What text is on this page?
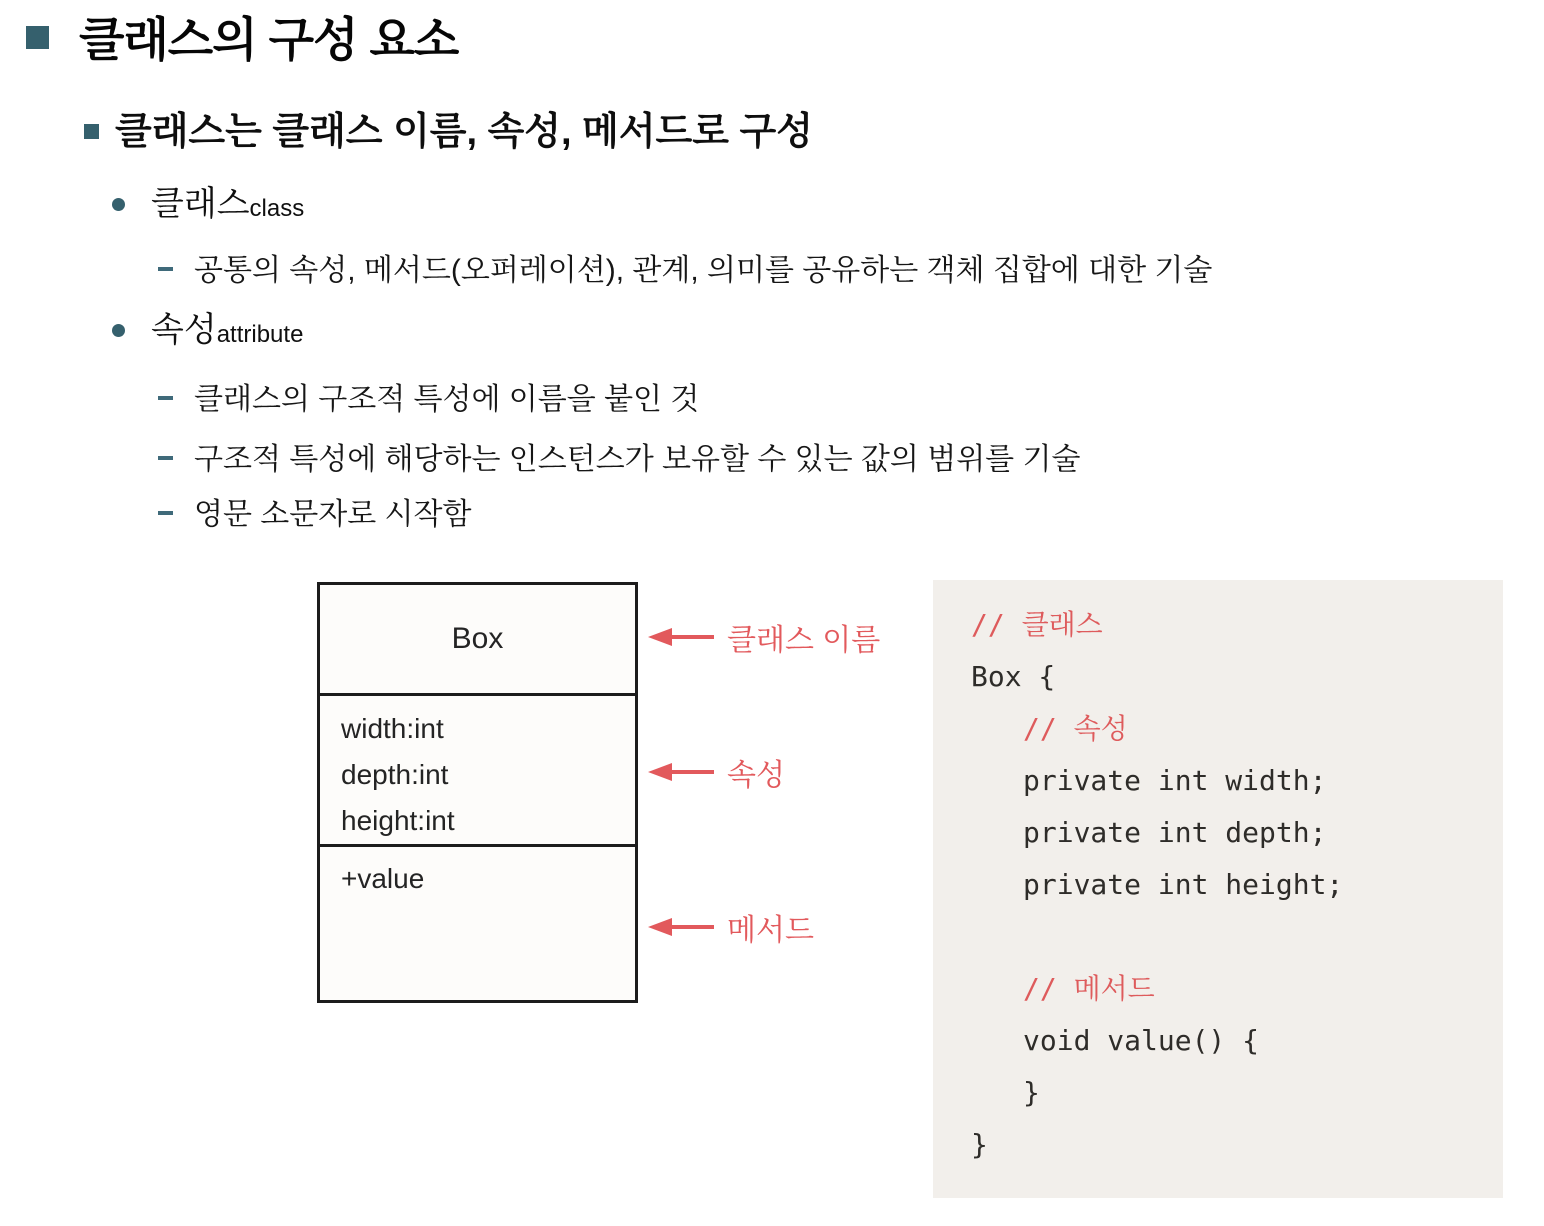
클래스의 구성 요소
클래스는 클래스 이름, 속성, 메서드로 구성
클래스class
공통의 속성, 메서드(오퍼레이션), 관계, 의미를 공유하는 객체 집합에 대한 기술
속성attribute
클래스의 구조적 특성에 이름을 붙인 것
구조적 특성에 해당하는 인스턴스가 보유할 수 있는 값의 범위를 기술
영문 소문자로 시작함
Box
width:int
depth:int
height:int
+value
클래스 이름
속성
메서드
// 클래스
Box {
// 속성
private int width;
private int depth;
private int height;
// 메서드
void value() {
}
}
